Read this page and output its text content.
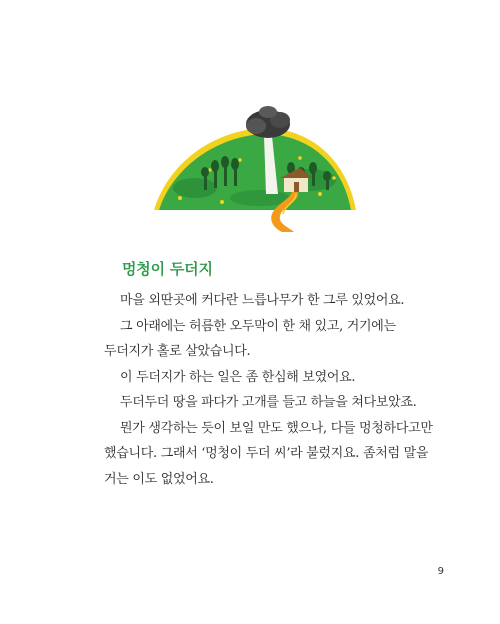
멍청이 두더지

마을 외딴곳에 커다란 느릅나무가 한 그루 있었어요.
그 아래에는 허름한 오두막이 한 채 있고, 거기에는
두더지가 홀로 살았습니다.
이 두더지가 하는 일은 좀 한심해 보였어요.
두더두더 땅을 파다가 고개를 들고 하늘을 쳐다보았죠.
뭔가 생각하는 듯이 보일 만도 했으나, 다들 멍청하다고만
했습니다. 그래서 ‘멍청이 두더 씨’라 불렀지요. 좀처럼 말을
거는 이도 없었어요.

9
